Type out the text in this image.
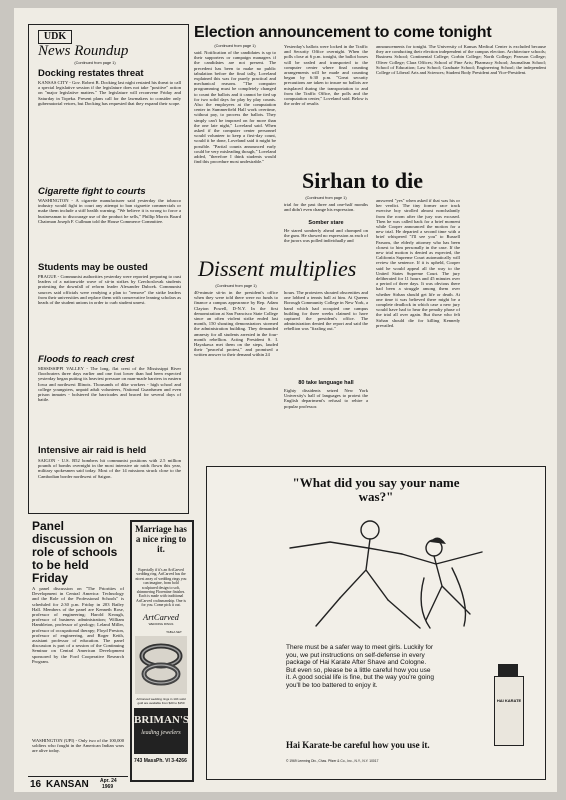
UDK
News Roundup
(Continued from page 1)
Docking restates threat
KANSAS CITY - Gov. Robert B. Docking last night restated his threat to call a special legislative session if the legislature does not take "positive" action on "major legislative matters." The legislature will reconvene Friday and Saturday in Topeka. Present plans call for the lawmakers to consider only gubernatorial vetoes, but Docking has requested that they expand their scope.
Cigarette fight to courts
WASHINGTON - A cigarette manufacturer said yesterday the tobacco industry would fight in court any attempt to ban cigarette commercials or make them include a stiff health warning. "We believe it is wrong to force a businessman to discourage use of the product he sells," Phillip Morris Board Chairman Joseph F. Cullman told the House Commerce Committee.
Students may be ousted
PRAGUE - Communist authorities yesterday were reported preparing to oust leaders of a nationwide wave of sit-in strikes by Czechoslovak students protesting the downfall of reform leader Alexander Dubcek. Communist sources said officials were readying a plan to "remove" the strike leaders from their universities and replace them with conservative leaning scholars as heads of the student unions in order to curb student unrest.
Floods to reach crest
MISSISSIPPI VALLEY - The long, flat crest of the Mississippi River floodwaters three days earlier and one foot lower than had been expected yesterday began putting its heaviest pressure on man-made barriers in eastern Iowa and northwest Illinois. Thousands of dike workers - high school and college youngsters, unpaid adult volunteers, National Guardsmen and even prison inmates - bolstered the barricades and braced for several days of battle.
Intensive air raid is held
SAIGON - U.S. B52 bombers hit communist positions with 2.5 million pounds of bombs overnight in the most intensive air raids flown this year, military spokesmen said today. Most of the 14 missions struck close to the Cambodian border northwest of Saigon.
Election announcement to come tonight
(Continued from page 1)
said. Notification of the candidates is up to their supporters or campaign managers if the candidates are not present. The precedent has been to make no public tabulation before the final tally, Loveland explained this was for purely practical and mechanical reasons. "The computer programming must be completely changed to count the ballots and it cannot be tied up for two solid days for play by play counts. Also the employees at the computation center in Summerfield Hall work overtime, without pay, to process the ballots. They simply can't be imposed on for more than the one late night," Loveland said. When asked if the computer center personnel would volunteer to keep a first-day count, would it be done, Loveland said it might be possible. "Partial counts announced early could be very misleading though," Loveland added, "therefore I think students would find this procedure most undesirable."
Yesterday's ballots were locked in the Traffic and Security Office overnight. When the polls close at 6 p.m. tonight, the ballot boxes will be sealed and transported to the computer center where final counting arrangements will be made and counting begun by 6:30 p.m. "Great security precautions are taken to insure no ballots are misplaced during the transportation to and from the Traffic Office, the polls and the computation center," Loveland said. Below is the order of results
announcements for tonight. The University of Kansas Medical Center is excluded because they are conducting their election independent of the campus election. Architecture schools; Business School; Continental College; Corbin College; North College; Pearson College; Oliver College; Clara Offices; School of Fine Arts; Pharmacy School; Journalism School; School of Education; Law School; Graduate School; Engineering School; the independent College of Liberal Arts and Sciences; Student Body President and Vice-President.
Sirhan to die
(Continued from page 1)
trial for the past three and one-half months and didn't even change his expression.
Somber stare
He stared somberly ahead and chomped on the gum. He showed no expression as each of the jurors was polled individually and
answered "yes" when asked if that was his or her verdict. The tiny former race track exercise boy strolled almost nonchalantly from the room after the jury was excused. Then he was called back for a brief moment while Cooper announced the motion for a new trial. He departed a second time with a brief whispered "I'll see you" to Russell Parsons, the elderly attorney who has been closest to him personally in the case. If the new trial motion is denied as expected, the California Supreme Court automatically will review the sentence. If it is upheld, Cooper said he would appeal all the way to the United States Supreme Court. The jury deliberated for 11 hours and 45 minutes over a period of three days. It was obvious there had been a struggle among them over whether Sirhan should get life or death. At one time it was believed there might be a complete deadlock in which case a new jury would have had to hear the penalty phase of the trial all over again. But those who felt Sirhan should die for killing Kennedy prevailed.
Dissent multiplies
(Continued from page 1)
40-minute sit-in in the president's office when they were told there were no funds to finance a campus appearance by Rep. Adam Clayton Powell, D-N.Y. In the first demonstration at San Francisco State College since an often violent strike ended last month, 150 shouting demonstrators stormed the administration building. They demanded amnesty for all students arrested in the four-month rebellion. Acting President S. I. Hayakawa met them on the steps, lauded their "peaceful protest," and promised a written answer to their demand within 24
hours. The protesters shouted obscenities and one lobbed a tennis ball at him. At Queens Borough Community College in New York, a band which had occupied one campus building for three weeks claimed to have captured the president's office. The administration denied the report and said the rebellion was "fizzling out."
80 take language hall
Eighty dissidents seized New York University's hall of languages to protest the English department's refusal to rehire a popular professor.
Panel discussion on role of schools to be held Friday
A panel discussion on "The Priorities of Development in Central America: Technology and the Role of the Professional Schools" is scheduled for 2:30 p.m. Friday in 203 Bailey Hall. Members of the panel are Kenneth Rose, professor of engineering; Harold Keough, professor of business administration; William Hambleton, professor of geology; Leland Miller, professor of occupational therapy; Floyd Preston, professor of engineering, and Roger Keith, assistant professor of education. The panel discussion is part of a session of the Continuing Seminar on Central American Development sponsored by the Ford Cooperative Research Program.
WASHINGTON (UPI) - Only two of the 100,000 soldiers who fought in the American Indian wars are alive today.
Marriage has a nice ring to it.
Especially if it's an ArtCarved wedding ring. ArtCarved has the nicest array of wedding rings you can imagine, from bold sculptured design to soft, shimmering Florentine finishes. Each is made with traditional ArtCarved craftsmanship. One is for you. Come pick it out.
ArtCarved
WEDDING RINGS
TABLA SET
ArtCarved wedding rings in 14K solid gold are available from $20 to $150
BRIMAN'S
leading jewelers
743 Mass.
Ph. VI 3-4266
16 KANSAN Apr. 24
1969
"What did you say your name was?"
There must be a safer way to meet girls. Luckily for you, we put instructions on self-defense in every package of Hai Karate After Shave and Cologne. But even so, please be a little careful how you use it. A good social life is fine, but the way you're going you'll be too battered to enjoy it.
Hai Karate-be careful how you use it.
© 1969 Leeming Div., Chas. Pfizer & Co., Inc., N.Y., N.Y. 10017
HAI KARATE
